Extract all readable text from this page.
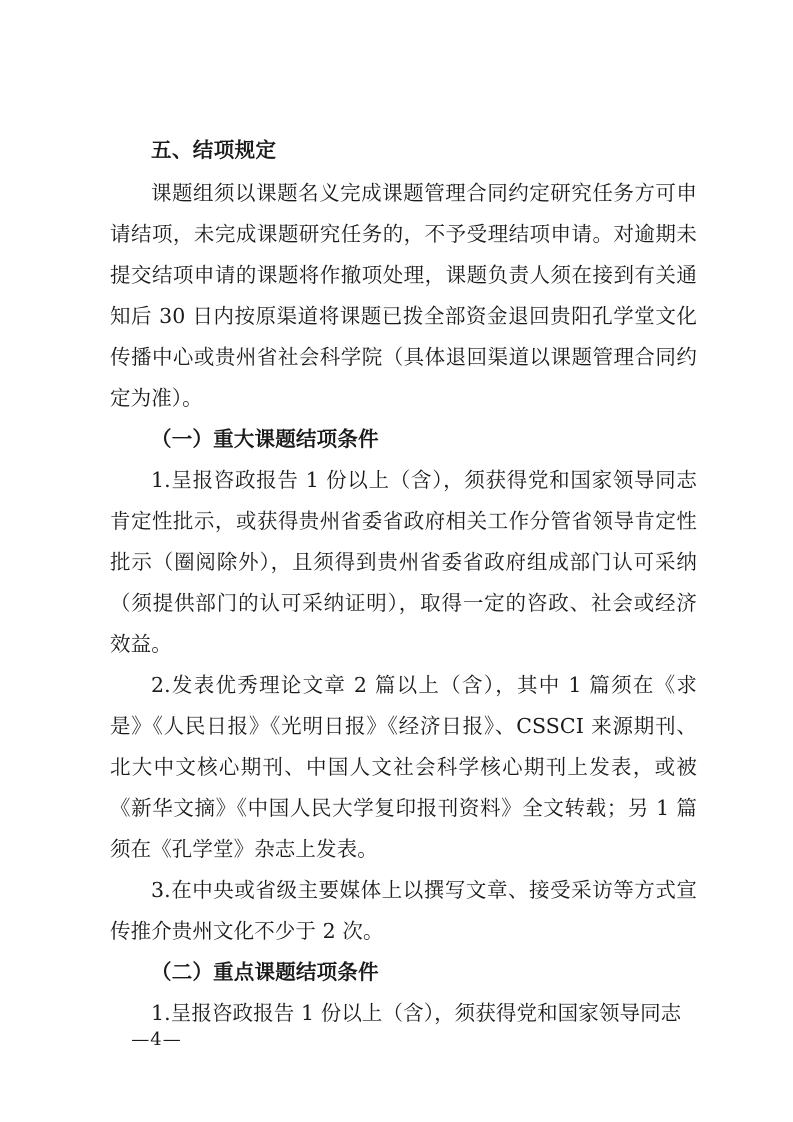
五、结项规定

课题组须以课题名义完成课题管理合同约定研究任务方可申请结项，未完成课题研究任务的，不予受理结项申请。对逾期未提交结项申请的课题将作撤项处理，课题负责人须在接到有关通知后 30 日内按原渠道将课题已拨全部资金退回贵阳孔学堂文化传播中心或贵州省社会科学院（具体退回渠道以课题管理合同约定为准）。

（一）重大课题结项条件

1.呈报咨政报告 1 份以上（含），须获得党和国家领导同志肯定性批示，或获得贵州省委省政府相关工作分管省领导肯定性批示（圈阅除外），且须得到贵州省委省政府组成部门认可采纳（须提供部门的认可采纳证明），取得一定的咨政、社会或经济效益。

2.发表优秀理论文章 2 篇以上（含），其中 1 篇须在《求是》《人民日报》《光明日报》《经济日报》、CSSCI 来源期刊、北大中文核心期刊、中国人文社会科学核心期刊上发表，或被《新华文摘》《中国人民大学复印报刊资料》全文转载；另 1 篇须在《孔学堂》杂志上发表。

3.在中央或省级主要媒体上以撰写文章、接受采访等方式宣传推介贵州文化不少于 2 次。

（二）重点课题结项条件

1.呈报咨政报告 1 份以上（含），须获得党和国家领导同志

—4—
